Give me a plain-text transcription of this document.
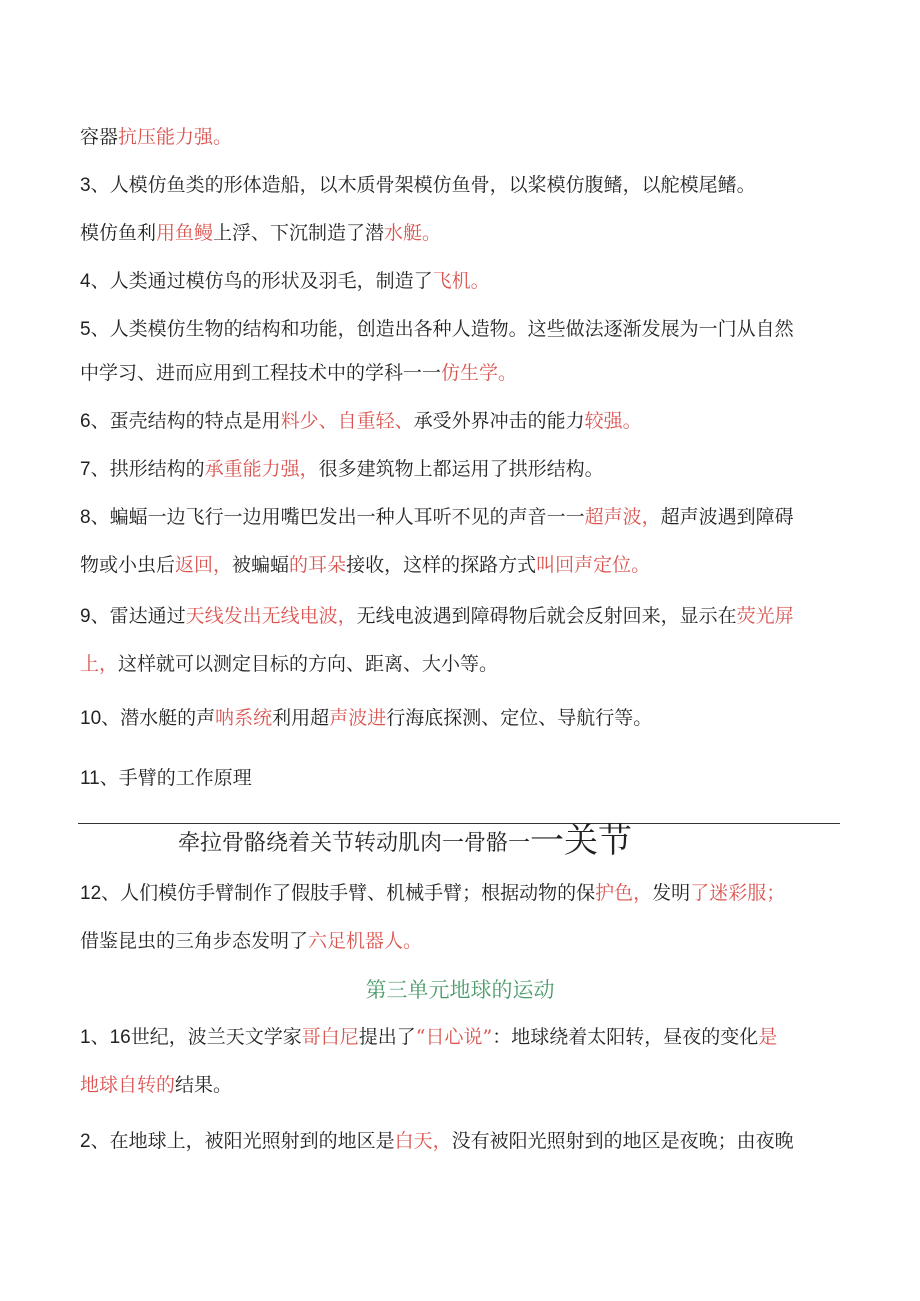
容器抗压能力强。
3、人模仿鱼类的形体造船，以木质骨架模仿鱼骨，以桨模仿腹鳍，以舵模尾鳍。
模仿鱼利用鱼鳗上浮、下沉制造了潜水艇。
4、人类通过模仿鸟的形状及羽毛，制造了飞机。
5、人类模仿生物的结构和功能，创造出各种人造物。这些做法逐渐发展为一门从自然
中学习、进而应用到工程技术中的学科一一仿生学。
6、蛋壳结构的特点是用料少、自重轻、承受外界冲击的能力较强。
7、拱形结构的承重能力强，很多建筑物上都运用了拱形结构。
8、蝙蝠一边飞行一边用嘴巴发出一种人耳听不见的声音一一超声波，超声波遇到障碍
物或小虫后返回，被蝙蝠的耳朵接收，这样的探路方式叫回声定位。
9、雷达通过天线发出无线电波，无线电波遇到障碍物后就会反射回来，显示在荧光屏
上，这样就可以测定目标的方向、距离、大小等。
10、潜水艇的声呐系统利用超声波进行海底探测、定位、导航行等。
11、手臂的工作原理
牵拉骨骼绕着关节转动肌肉一骨骼一一关节
12、人们模仿手臂制作了假肢手臂、机械手臂；根据动物的保护色，发明了迷彩服；
借鉴昆虫的三角步态发明了六足机器人。
第三单元地球的运动
1、16世纪，波兰天文学家哥白尼提出了“日心说”：地球绕着太阳转，昼夜的变化是
地球自转的结果。
2、在地球上，被阳光照射到的地区是白天，没有被阳光照射到的地区是夜晚；由夜晚
